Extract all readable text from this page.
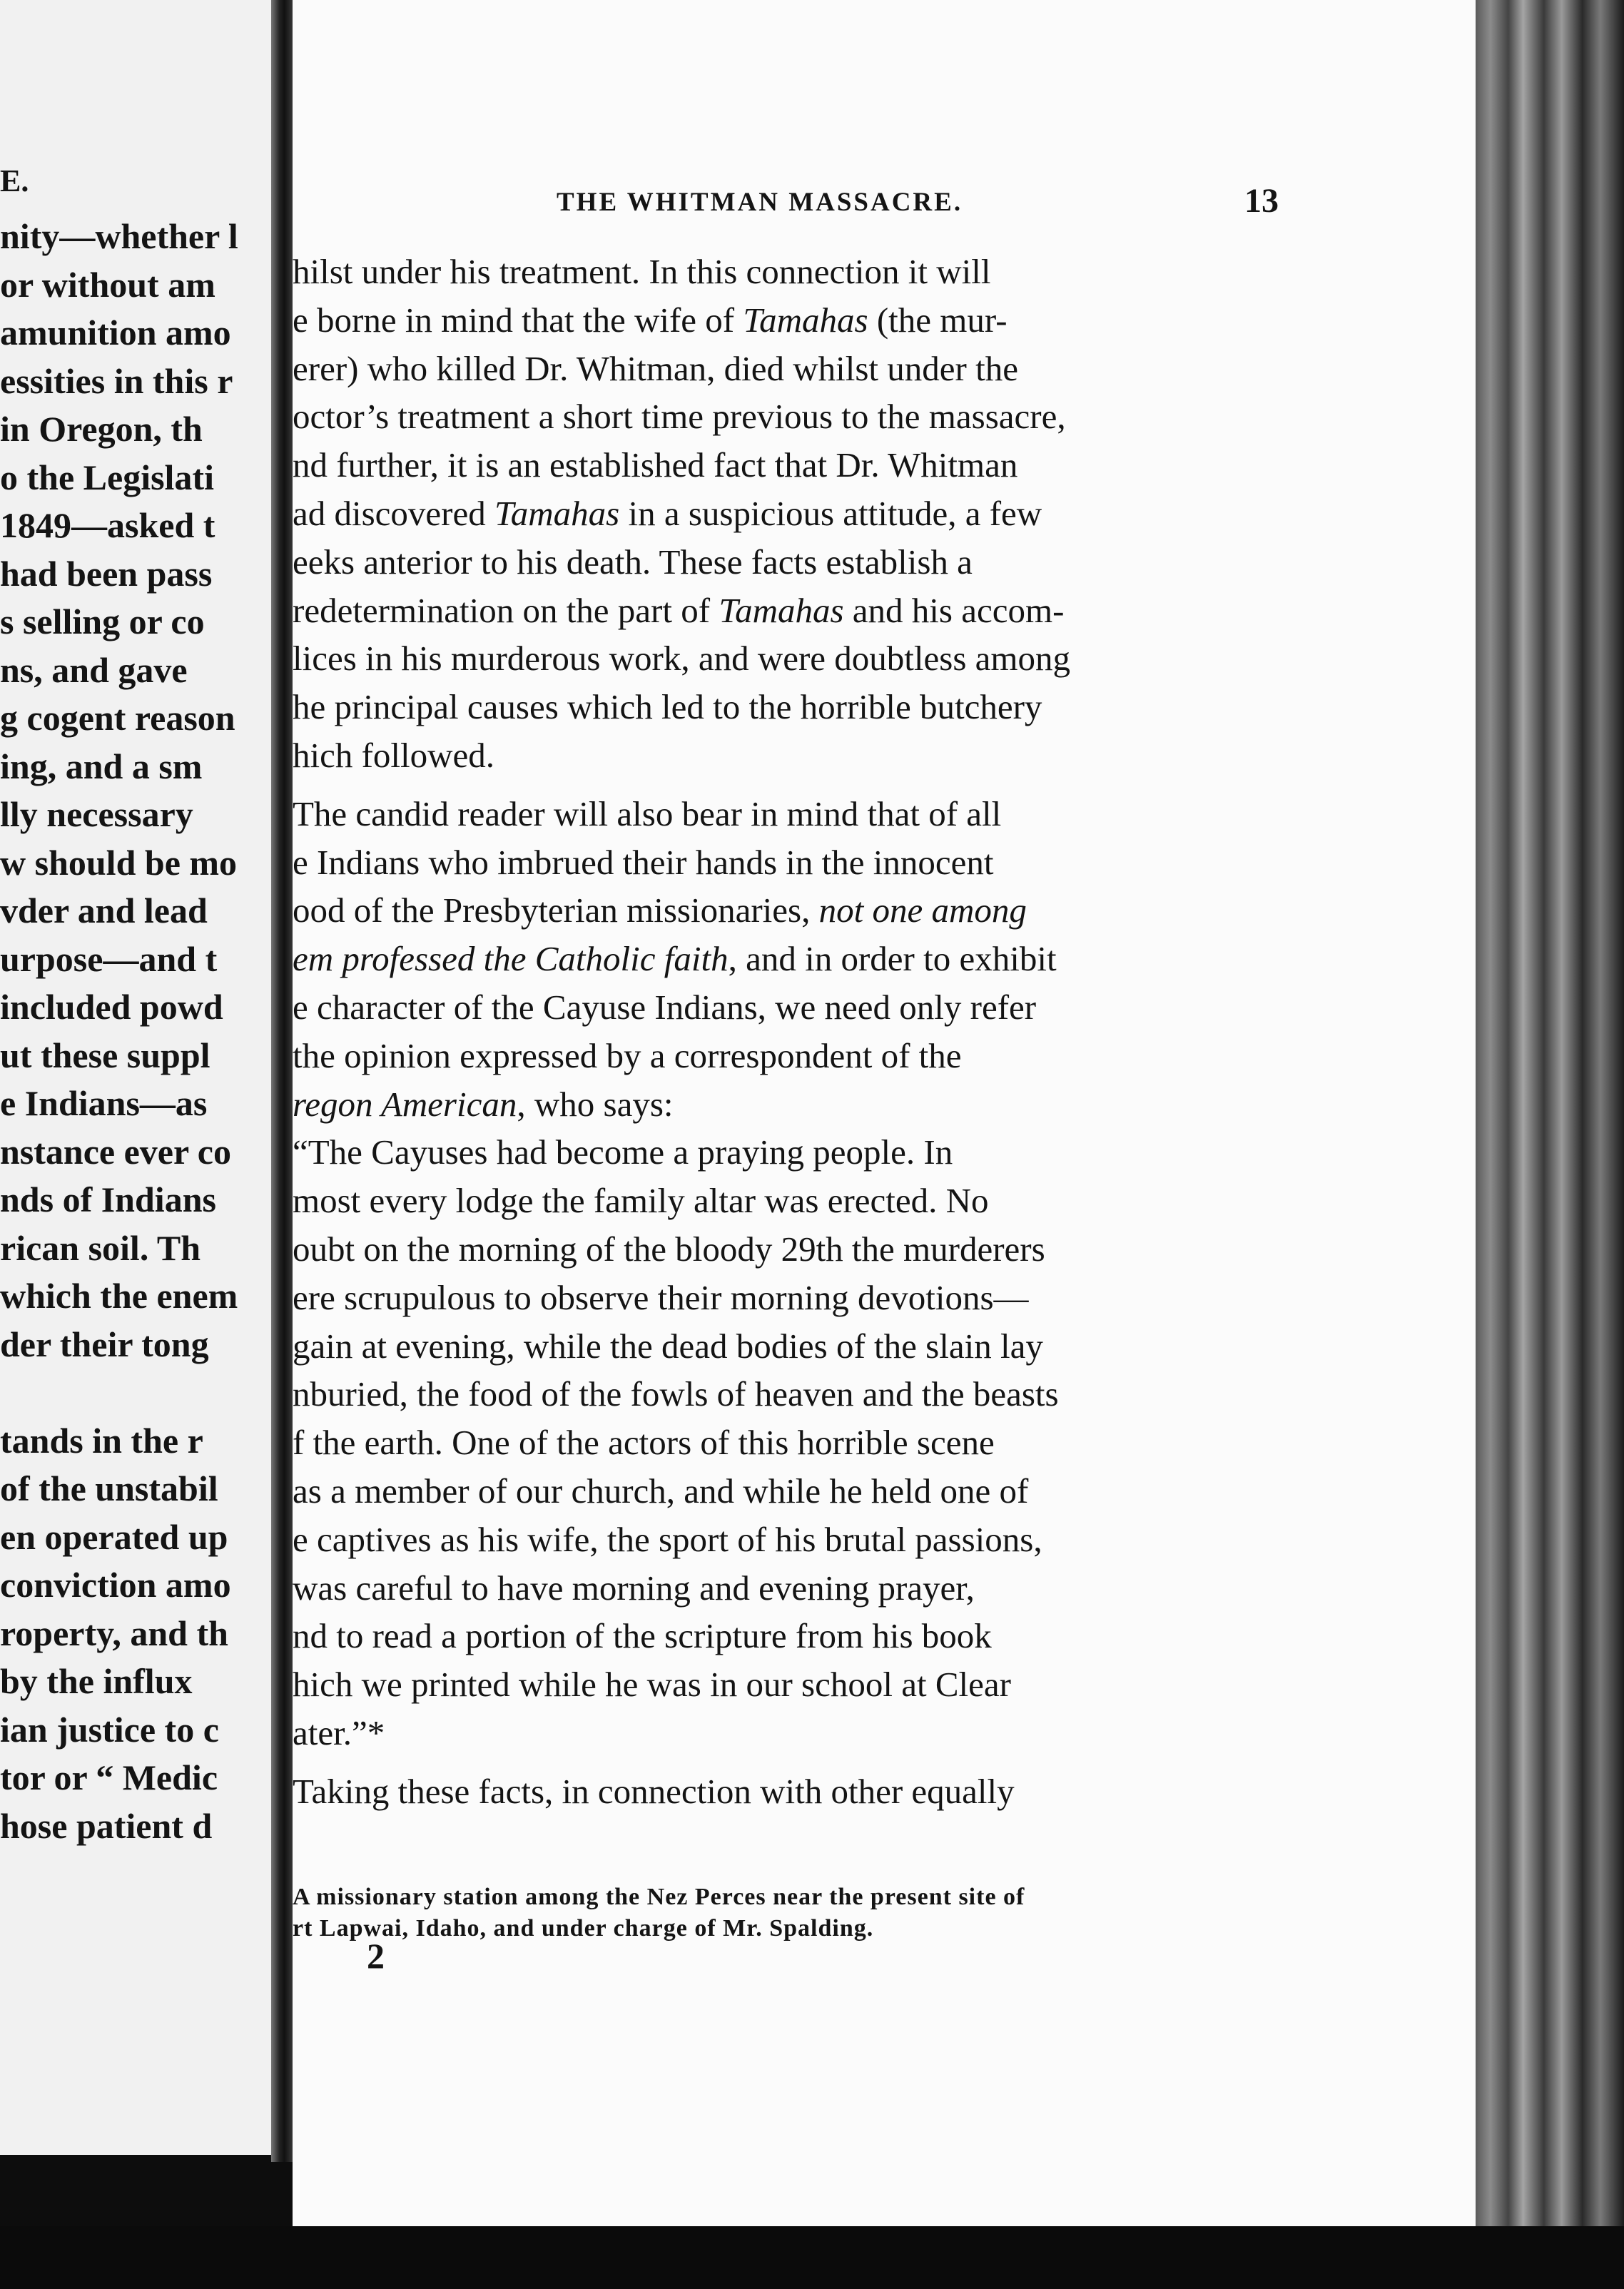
E.
nity—whether l
or without am
amunition amo
essities in this r
in Oregon, th
o the Legislati
1849—asked t
had been pass
s selling or co
ns, and gave
g cogent reason
ing, and a sm
lly necessary
w should be mo
vder and lead
urpose—and t
included powd
ut these suppl
e Indians—as
nstance ever co
nds of Indians
rican soil. Th
which the enem
der their tong
tands in the r
of the unstabil
en operated up
conviction amo
roperty, and th
by the influx
ian justice to c
tor or “ Medic
hose patient d
THE WHITMAN MASSACRE.	13
hilst under his treatment. In this connection it will
e borne in mind that the wife of Tamahas (the mur-
erer) who killed Dr. Whitman, died whilst under the
octor’s treatment a short time previous to the massacre,
nd further, it is an established fact that Dr. Whitman
ad discovered Tamahas in a suspicious attitude, a few
eeks anterior to his death. These facts establish a
redetermination on the part of Tamahas and his accom-
lices in his murderous work, and were doubtless among
he principal causes which led to the horrible butchery
hich followed.
The candid reader will also bear in mind that of all
e Indians who imbrued their hands in the innocent
ood of the Presbyterian missionaries, not one among
em professed the Catholic faith, and in order to exhibit
e character of the Cayuse Indians, we need only refer
the opinion expressed by a correspondent of the
regon American, who says:
“The Cayuses had become a praying people. In
most every lodge the family altar was erected. No
oubt on the morning of the bloody 29th the murderers
ere scrupulous to observe their morning devotions—
gain at evening, while the dead bodies of the slain lay
nburied, the food of the fowls of heaven and the beasts
f the earth. One of the actors of this horrible scene
as a member of our church, and while he held one of
e captives as his wife, the sport of his brutal passions,
was careful to have morning and evening prayer,
nd to read a portion of the scripture from his book
hich we printed while he was in our school at Clear
ater.”*
Taking these facts, in connection with other equally
A missionary station among the Nez Perces near the present site of
rt Lapwai, Idaho, and under charge of Mr. Spalding.
2
